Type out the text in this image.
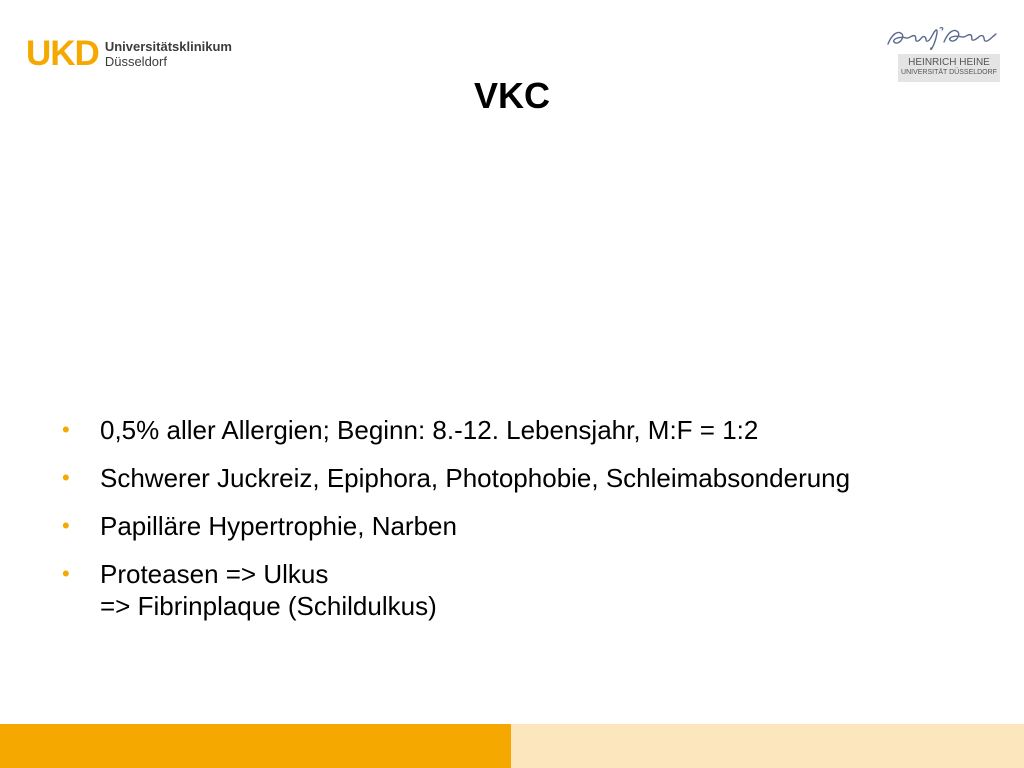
UKD Universitätsklinikum
Düsseldorf	HEINRICH HEINE
UNIVERSITÄT DÜSSELDORF
VKC
• 0,5% aller Allergien; Beginn: 8.-12. Lebensjahr, M:F = 1:2
• Schwerer Juckreiz, Epiphora, Photophobie, Schleimabsonderung
• Papilläre Hypertrophie, Narben
• Proteasen => Ulkus
=> Fibrinplaque (Schildulkus)
